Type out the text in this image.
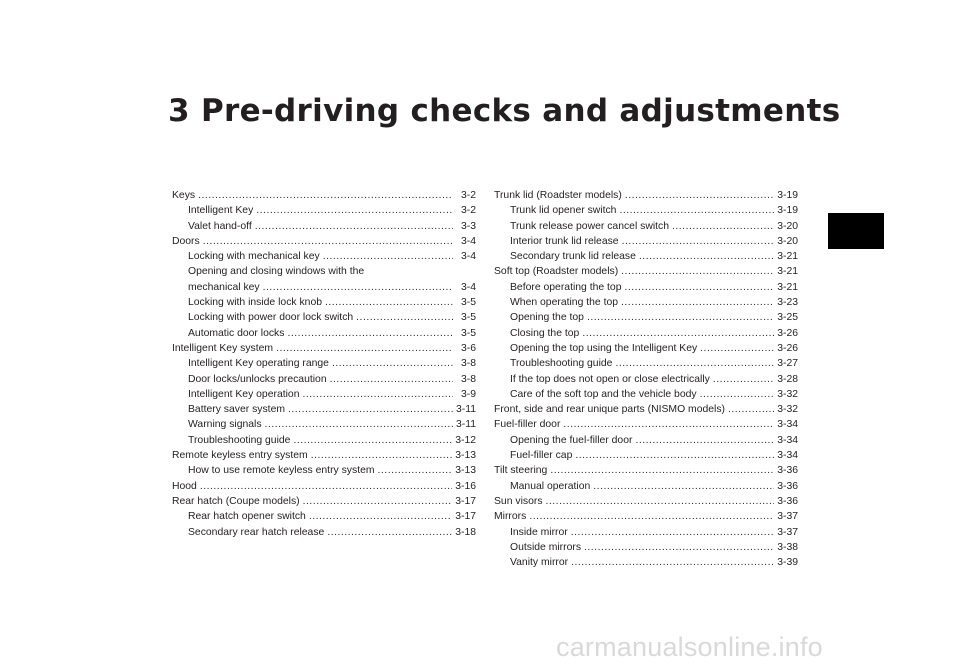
3 Pre-driving checks and adjustments
Keys .....	3-2
Intelligent Key .....	3-2
Valet hand-off .....	3-3
Doors .....	3-4
Locking with mechanical key .....	3-4
Opening and closing windows with the
mechanical key .....	3-4
Locking with inside lock knob .....	3-5
Locking with power door lock switch .....	3-5
Automatic door locks .....	3-5
Intelligent Key system .....	3-6
Intelligent Key operating range .....	3-8
Door locks/unlocks precaution .....	3-8
Intelligent Key operation .....	3-9
Battery saver system .....	3-11
Warning signals .....	3-11
Troubleshooting guide .....	3-12
Remote keyless entry system .....	3-13
How to use remote keyless entry system .....	3-13
Hood .....	3-16
Rear hatch (Coupe models) .....	3-17
Rear hatch opener switch .....	3-17
Secondary rear hatch release .....	3-18
Trunk lid (Roadster models) .....	3-19
Trunk lid opener switch .....	3-19
Trunk release power cancel switch .....	3-20
Interior trunk lid release .....	3-20
Secondary trunk lid release .....	3-21
Soft top (Roadster models) .....	3-21
Before operating the top .....	3-21
When operating the top .....	3-23
Opening the top .....	3-25
Closing the top .....	3-26
Opening the top using the Intelligent Key .....	3-26
Troubleshooting guide .....	3-27
If the top does not open or close electrically .....	3-28
Care of the soft top and the vehicle body .....	3-32
Front, side and rear unique parts (NISMO models) .....	3-32
Fuel-filler door .....	3-34
Opening the fuel-filler door .....	3-34
Fuel-filler cap .....	3-34
Tilt steering .....	3-36
Manual operation .....	3-36
Sun visors .....	3-36
Mirrors .....	3-37
Inside mirror .....	3-37
Outside mirrors .....	3-38
Vanity mirror .....	3-39
carmanualsonline.info
